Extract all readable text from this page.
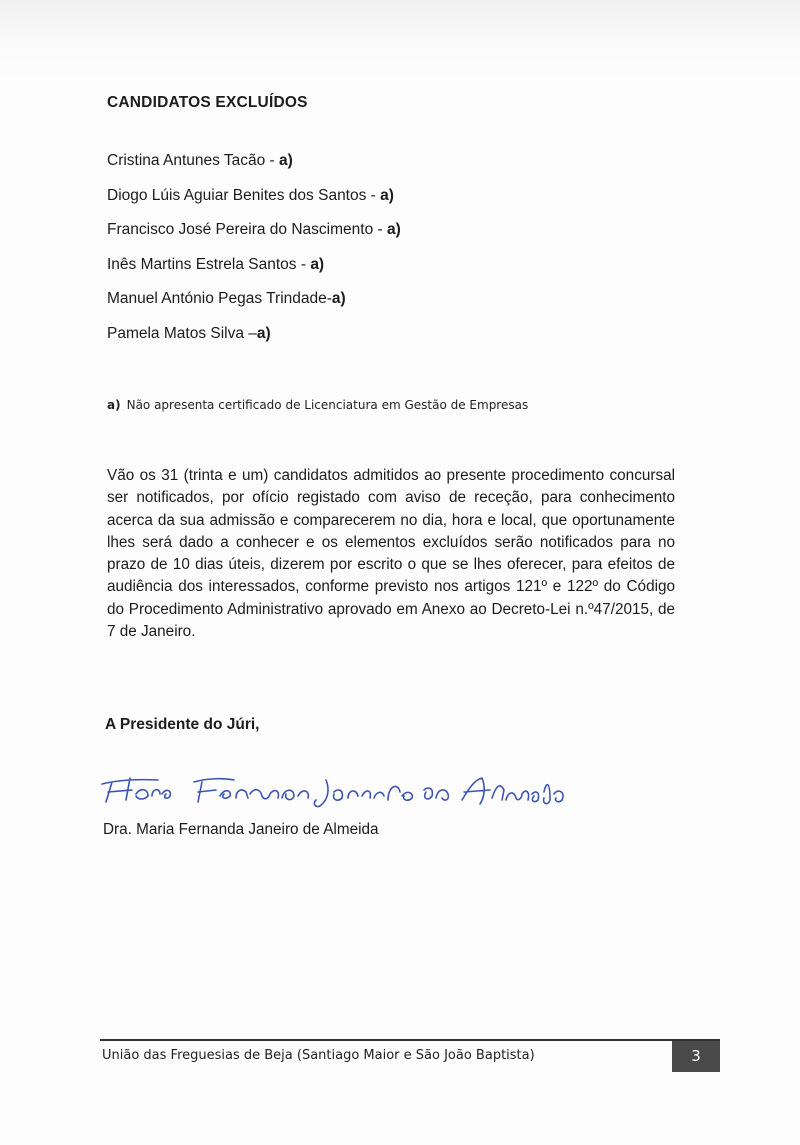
CANDIDATOS EXCLUÍDOS
Cristina Antunes Tacão - a)
Diogo Lúis Aguiar Benites dos Santos - a)
Francisco José Pereira do Nascimento - a)
Inês Martins Estrela Santos - a)
Manuel António Pegas Trindade-a)
Pamela Matos Silva –a)
a) Não apresenta certificado de Licenciatura em Gestão de Empresas

Vão os 31 (trinta e um) candidatos admitidos ao presente procedimento concursal ser notificados, por ofício registado com aviso de receção, para conhecimento acerca da sua admissão e comparecerem no dia, hora e local, que oportunamente lhes será dado a conhecer e os elementos excluídos serão notificados para no prazo de 10 dias úteis, dizerem por escrito o que se lhes oferecer, para efeitos de audiência dos interessados, conforme previsto nos artigos 121º e 122º do Código do Procedimento Administrativo aprovado em Anexo ao Decreto-Lei n.º47/2015, de 7 de Janeiro.

A Presidente do Júri,
Dra. Maria Fernanda Janeiro de Almeida
União das Freguesias de Beja (Santiago Maior e São João Baptista)	3
